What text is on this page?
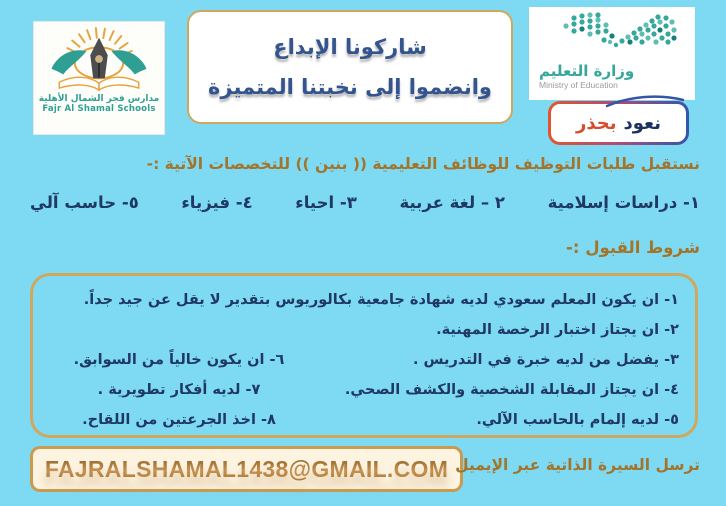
مدارس فجر الشمال الأهلية
Fajr Al Shamal Schools
شاركونا الإبداع
وانضموا إلى نخبتنا المتميزة
وزارة التعليم
Ministry of Education
نعود
بحذر
نستقبل طلبات التوظيف للوظائف التعليمية (( بنين )) للتخصصات الآتية :-
١- دراسات إسلامية
٢ – لغة عربية
٣- احياء
٤- فيزياء
٥- حاسب آلي
شروط القبول :-
١- ان يكون المعلم سعودي لديه شهادة جامعية بكالوريوس بتقدير لا يقل عن جيد جداً.
٢- ان يجتاز اختبار الرخصة المهنية.
٣- يفضل من لديه خبرة في التدريس .
٦- ان يكون خالياً من السوابق.
٤- ان يجتاز المقابلة الشخصية والكشف الصحي.
٧- لديه أفكار تطويرية .
٥- لديه إلمام بالحاسب الآلي.
٨- اخذ الجرعتين من اللقاح.
FAJRALSHAMAL1438@GMAIL.COM ترسل السيرة الذاتية عبر الإيميل
